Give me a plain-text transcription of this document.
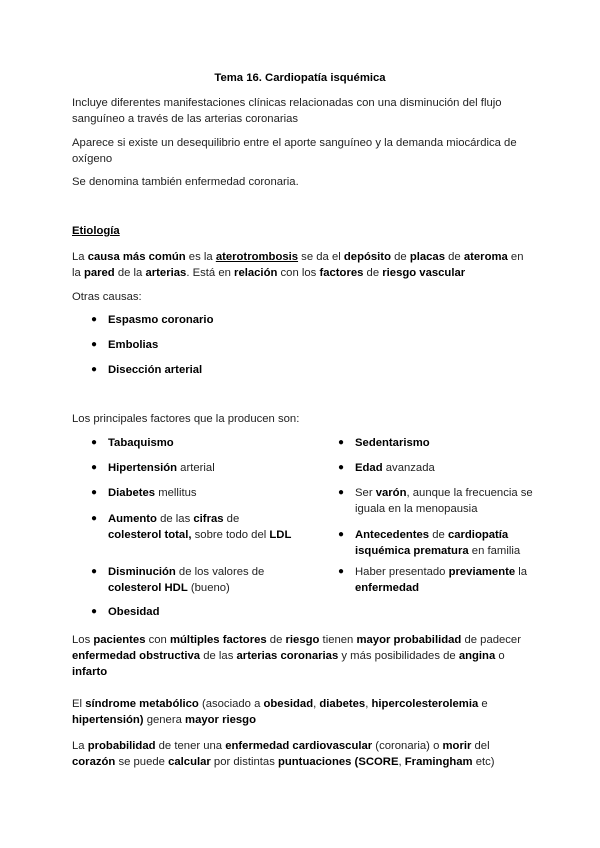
Tema 16. Cardiopatía isquémica
Incluye diferentes manifestaciones clínicas relacionadas con una disminución del flujo sanguíneo a través de las arterias coronarias
Aparece si existe un desequilibrio entre el aporte sanguíneo y la demanda miocárdica de oxígeno
Se denomina también enfermedad coronaria.
Etiología
La causa más común es la aterotrombosis se da el depósito de placas de ateroma en la pared de la arterias. Está en relación con los factores de riesgo vascular
Otras causas:
● Espasmo coronario
● Embolias
● Disección arterial
Los principales factores que la producen son:
● Tabaquismo
● Hipertensión arterial
● Diabetes mellitus
● Aumento de las cifras de colesterol total, sobre todo del LDL
● Disminución de los valores de colesterol HDL (bueno)
● Obesidad
● Sedentarismo
● Edad avanzada
● Ser varón, aunque la frecuencia se iguala en la menopausia
● Antecedentes de cardiopatía isquémica prematura en familia
● Haber presentado previamente la enfermedad
Los pacientes con múltiples factores de riesgo tienen mayor probabilidad de padecer enfermedad obstructiva de las arterias coronarias y más posibilidades de angina o infarto
El síndrome metabólico (asociado a obesidad, diabetes, hipercolesterolemia e hipertensión) genera mayor riesgo
La probabilidad de tener una enfermedad cardiovascular (coronaria) o morir del corazón se puede calcular por distintas puntuaciones (SCORE, Framingham etc)
